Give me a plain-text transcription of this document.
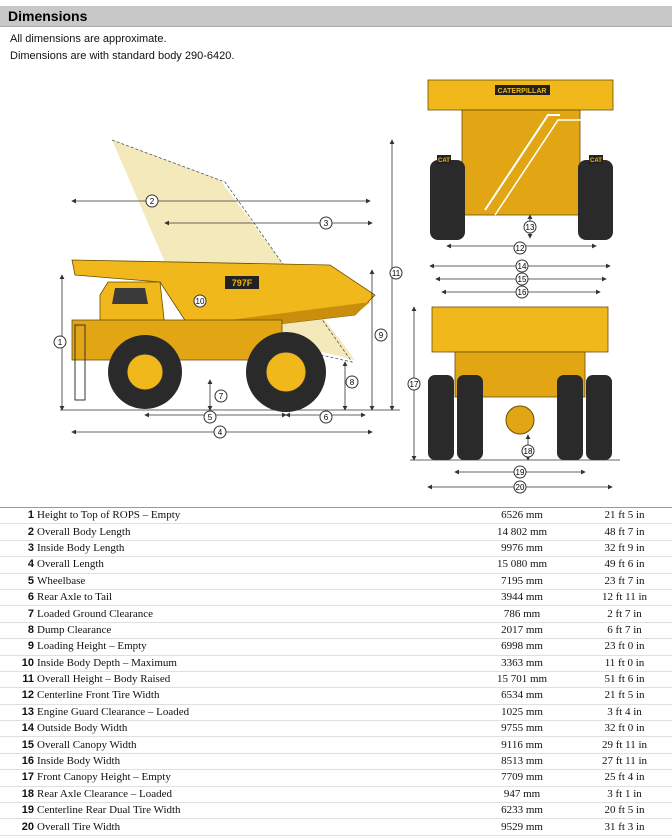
Dimensions
All dimensions are approximate.
Dimensions are with standard body 290-6420.
797F
CATERPILLAR
CAT	CAT
1
2
3
4
5	6
7
8
9
10
11
12
13
14
15
16
17
18
19
20
1	Height to Top of ROPS – Empty	6526 mm	21 ft 5 in
2	Overall Body Length	14 802 mm	48 ft 7 in
3	Inside Body Length	9976 mm	32 ft 9 in
4	Overall Length	15 080 mm	49 ft 6 in
5	Wheelbase	7195 mm	23 ft 7 in
6	Rear Axle to Tail	3944 mm	12 ft 11 in
7	Loaded Ground Clearance	786 mm	2 ft 7 in
8	Dump Clearance	2017 mm	6 ft 7 in
9	Loading Height – Empty	6998 mm	23 ft 0 in
10	Inside Body Depth – Maximum	3363 mm	11 ft 0 in
11	Overall Height – Body Raised	15 701 mm	51 ft 6 in
12	Centerline Front Tire Width	6534 mm	21 ft 5 in
13	Engine Guard Clearance – Loaded	1025 mm	3 ft 4 in
14	Outside Body Width	9755 mm	32 ft 0 in
15	Overall Canopy Width	9116 mm	29 ft 11 in
16	Inside Body Width	8513 mm	27 ft 11 in
17	Front Canopy Height – Empty	7709 mm	25 ft 4 in
18	Rear Axle Clearance – Loaded	947 mm	3 ft 1 in
19	Centerline Rear Dual Tire Width	6233 mm	20 ft 5 in
20	Overall Tire Width	9529 mm	31 ft 3 in
